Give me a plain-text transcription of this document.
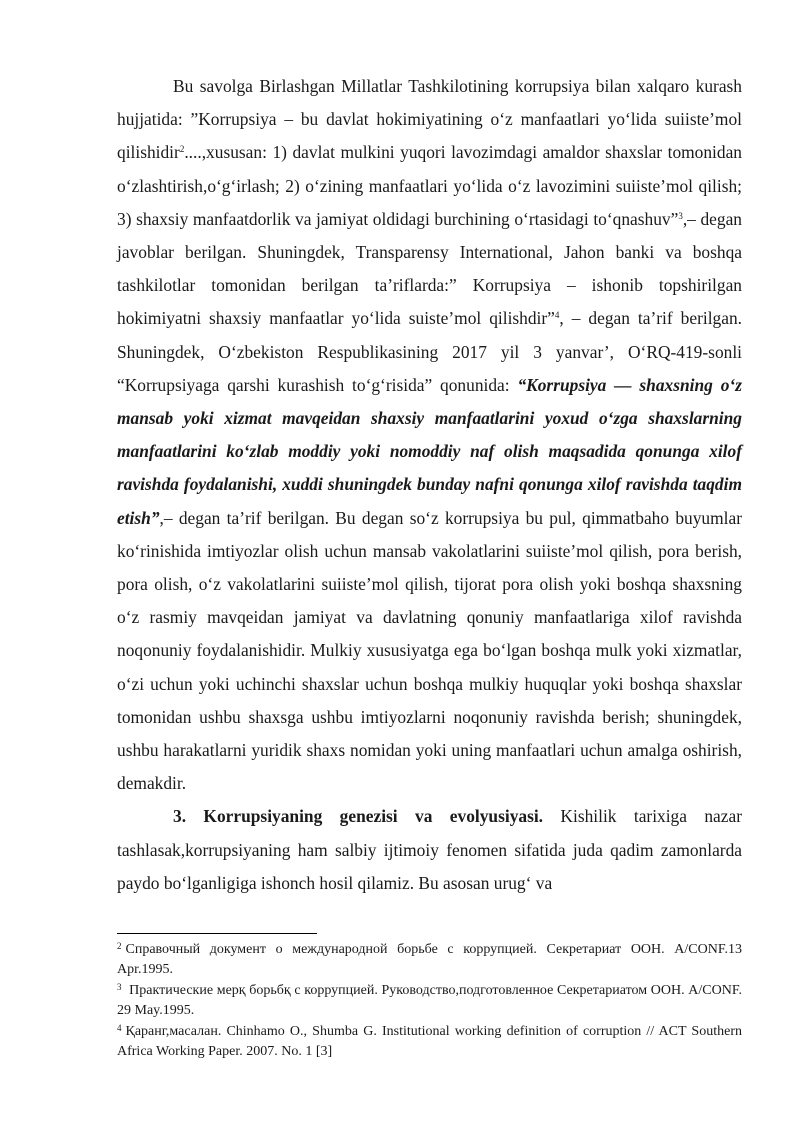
Bu savolga Birlashgan Millatlar Tashkilotining korrupsiya bilan xalqaro kurash hujjatida: ”Korrupsiya – bu davlat hokimiyatining o‘z manfaatlari yo‘lida suiiste’mol qilishidir$^2$....,xususan: 1) davlat mulkini yuqori lavozimdagi amaldor shaxslar tomonidan o‘zlashtirish,o‘g‘irlash; 2) o‘zining manfaatlari yo‘lida o‘z lavozimini suiiste’mol qilish; 3) shaxsiy manfaatdorlik va jamiyat oldidagi burchining o‘rtasidagi to‘qnashuv”$^3$,– degan javoblar berilgan. Shuningdek, Transparensy International, Jahon banki va boshqa tashkilotlar tomonidan berilgan ta’riflarda:” Korrupsiya – ishonib topshirilgan hokimiyatni shaxsiy manfaatlar yo‘lida suiste’mol qilishdir”$^4$, – degan ta’rif berilgan. Shuningdek, O‘zbekiston Respublikasining 2017 yil 3 yanvar’, O‘RQ-419-sonli “Korrupsiyaga qarshi kurashish to‘g‘risida” qonunida: “Korrupsiya — shaxsning o‘z mansab yoki xizmat mavqeidan shaxsiy manfaatlarini yoxud o‘zga shaxslarning manfaatlarini ko‘zlab moddiy yoki nomoddiy naf olish maqsadida qonunga xilof ravishda foydalanishi, xuddi shuningdek bunday nafni qonunga xilof ravishda taqdim etish”,– degan ta’rif berilgan. Bu degan so‘z korrupsiya bu pul, qimmatbaho buyumlar ko‘rinishida imtiyozlar olish uchun mansab vakolatlarini suiiste’mol qilish, pora berish, pora olish, o‘z vakolatlarini suiiste’mol qilish, tijorat pora olish yoki boshqa shaxsning o‘z rasmiy mavqeidan jamiyat va davlatning qonuniy manfaatlariga xilof ravishda noqonuniy foydalanishidir. Mulkiy xususiyatga ega bo‘lgan boshqa mulk yoki xizmatlar, o‘zi uchun yoki uchinchi shaxslar uchun boshqa mulkiy huquqlar yoki boshqa shaxslar tomonidan ushbu shaxsga ushbu imtiyozlarni noqonuniy ravishda berish; shuningdek, ushbu harakatlarni yuridik shaxs nomidan yoki uning manfaatlari uchun amalga oshirish, demakdir.

3. Korrupsiyaning genezisi va evolyusiyasi. Kishilik tarixiga nazar tashlasak,korrupsiyaning ham salbiy ijtimoiy fenomen sifatida juda qadim zamonlarda paydo bo‘lganligiga ishonch hosil qilamiz. Bu asosan urug‘ va

$^2$ Справочный документ о международной борьбе с коррупцией. Секретариат ООН. A/CONF.13 Apr.1995.

$^3$ Практические мерқ борьбқ с коррупцией. Руководство,подготовленное Секретариатом ООН. A/CONF. 29 May.1995.

$^4$ Қаранг,масалан. Chinhamo O., Shumba G. Institutional working definition of corruption // ACT Southern Africa Working Paper. 2007. No. 1 [3]
